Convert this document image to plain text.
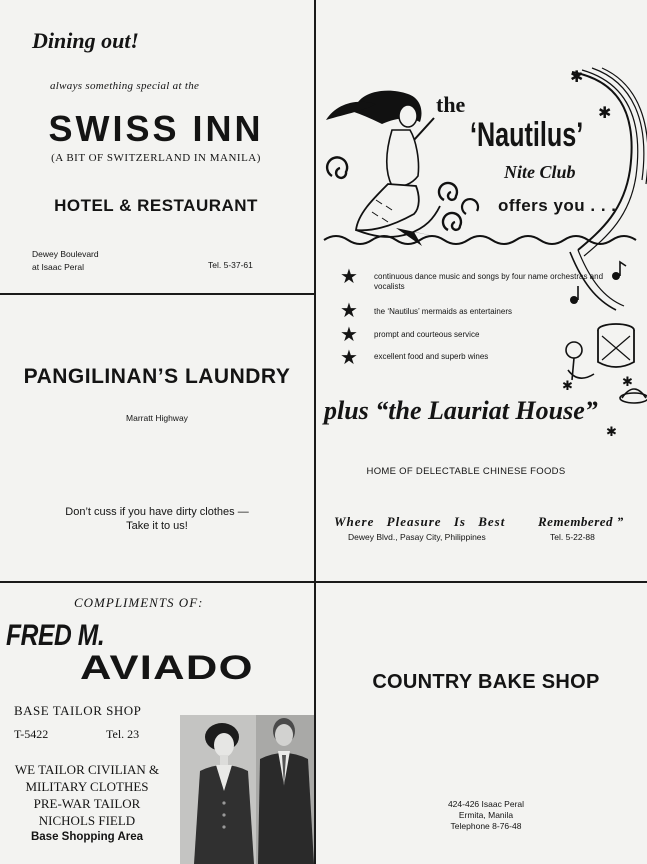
Dining out!
always something special at the
SWISS INN
(A BIT OF SWITZERLAND IN MANILA)
HOTEL & RESTAURANT
Dewey Boulevard
at Isaac Peral	Tel. 5-37-61
PANGILINAN’S LAUNDRY
Marratt Highway
Don’t cuss if you have dirty clothes —
Take it to us!
COMPLIMENTS OF:
FRED M.
AVIADO
BASE TAILOR SHOP
T-5422	Tel. 23
WE TAILOR CIVILIAN &
MILITARY CLOTHES
PRE-WAR TAILOR
NICHOLS FIELD
Base Shopping Area
✱
✱
✱	✱
✱
the
‘Nautilus’
Nite Club
offers you . . .
★ continuous dance music and songs by four name orchestras and vocalists
★ the ‘Nautilus’ mermaids as entertainers
★ prompt and courteous service
★ excellent food and superb wines
plus “the Lauriat House”
HOME OF DELECTABLE CHINESE FOODS
Where Pleasure Is Best	Remembered ”
Dewey Blvd., Pasay City, Philippines	Tel. 5-22-88
COUNTRY BAKE SHOP
424-426 Isaac Peral
Ermita, Manila
Telephone 8-76-48
